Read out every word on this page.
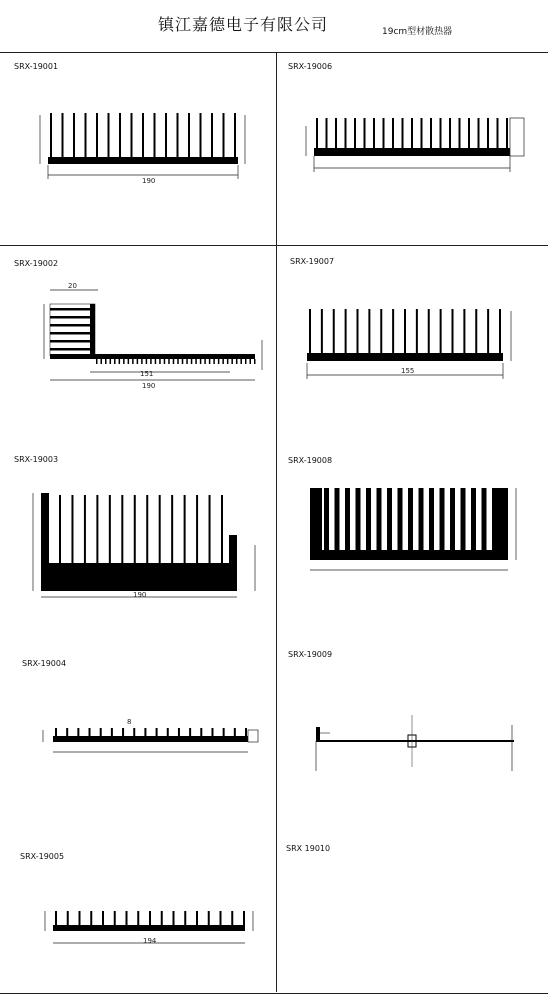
镇江嘉德电子有限公司	19cm型材散热器
SRX-19001	SRX-19006
SRX-19002	SRX-19007
SRX-19003	SRX-19008
SRX-19004
SRX-19009
SRX-19005
SRX 19010
190
20
151
190
155
190
8
194
